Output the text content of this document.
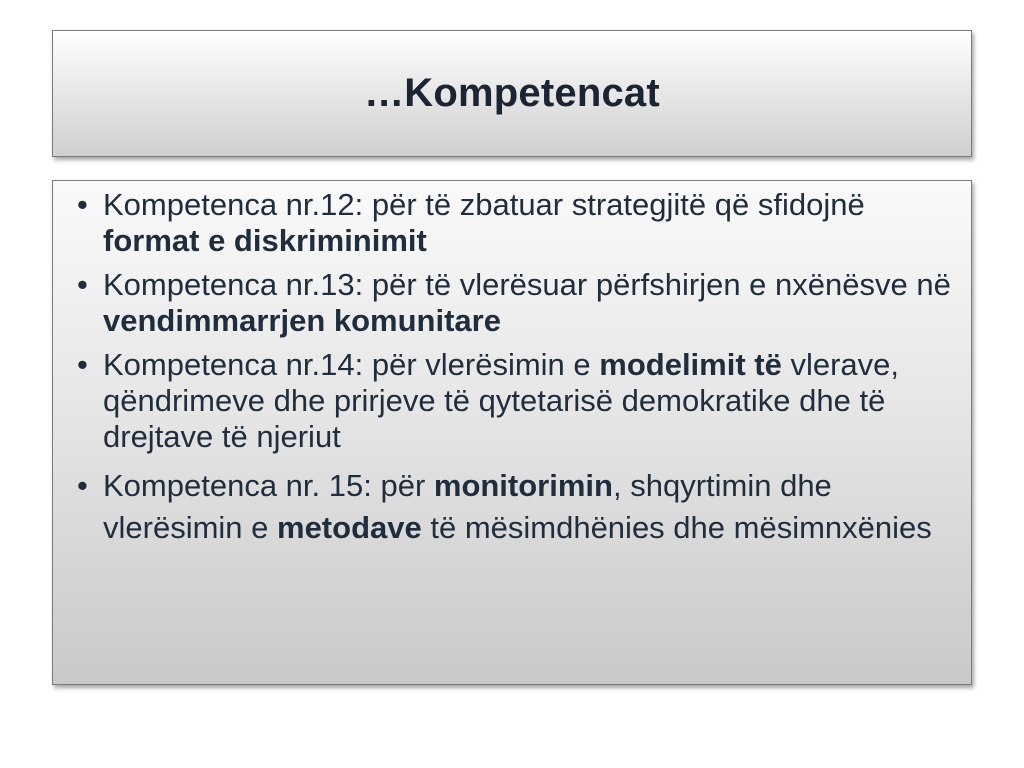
…Kompetencat
• Kompetenca nr.12: për të zbatuar strategjitë që sfidojnë format e diskriminimit
• Kompetenca nr.13: për të vlerësuar përfshirjen e nxënësve në vendimmarrjen komunitare
• Kompetenca nr.14: për vlerësimin e modelimit të vlerave, qëndrimeve dhe prirjeve të qytetarisë demokratike dhe të drejtave të njeriut
• Kompetenca nr. 15: për monitorimin, shqyrtimin dhe vlerësimin e metodave të mësimdhënies dhe mësimnxënies
